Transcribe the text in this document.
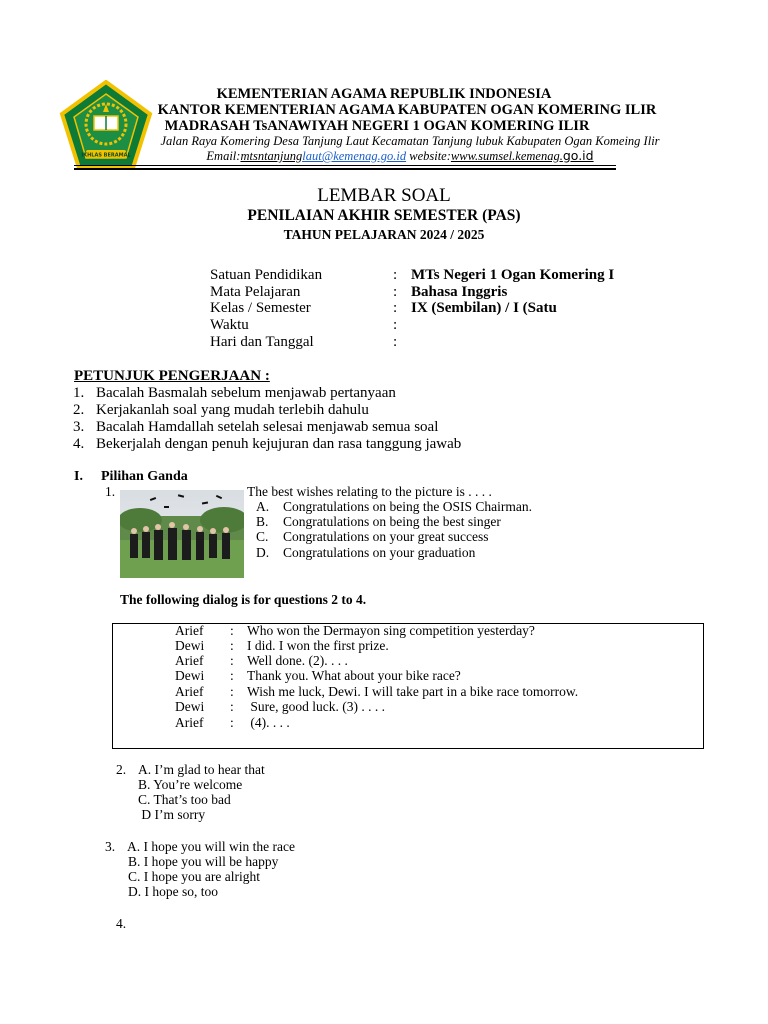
IKHLAS BERAMAL
KEMENTERIAN AGAMA REPUBLIK INDONESIA
KANTOR KEMENTERIAN AGAMA KABUPATEN OGAN KOMERING ILIR
MADRASAH TsANAWIYAH NEGERI 1 OGAN KOMERING ILIR
Jalan Raya Komering Desa Tanjung Laut Kecamatan Tanjung lubuk Kabupaten Ogan Komeing Ilir
Email:mtsntanjunglaut@kemenag.go.id website:www.sumsel.kemenag.go.id
LEMBAR SOAL
PENILAIAN AKHIR SEMESTER (PAS)
TAHUN PELAJARAN 2024 / 2025
Satuan Pendidikan	: MTs Negeri 1 Ogan Komering I
Mata Pelajaran	: Bahasa Inggris
Kelas / Semester	: IX (Sembilan) / I (Satu
Waktu	:
Hari dan Tanggal	:
PETUNJUK PENGERJAAN :
1. Bacalah Basmalah sebelum menjawab pertanyaan
2. Kerjakanlah soal yang mudah terlebih dahulu
3. Bacalah Hamdallah setelah selesai menjawab semua soal
4. Bekerjalah dengan penuh kejujuran dan rasa tanggung jawab
I. Pilihan Ganda
1.	The best wishes relating to the picture is . . . .
A. Congratulations on being the OSIS Chairman.
B. Congratulations on being the best singer
C. Congratulations on your great success
D. Congratulations on your graduation
The following dialog is for questions 2 to 4.
Arief : Who won the Dermayon sing competition yesterday?
Dewi : I did. I won the first prize.
Arief : Well done. (2). . . .
Dewi : Thank you. What about your bike race?
Arief : Wish me luck, Dewi. I will take part in a bike race tomorrow.
Dewi : Sure, good luck. (3) . . . .
Arief : (4). . . .
2. A. I’m glad to hear that
B. You’re welcome
C. That’s too bad
D I’m sorry
3. A. I hope you will win the race
B. I hope you will be happy
C. I hope you are alright
D. I hope so, too
4.
